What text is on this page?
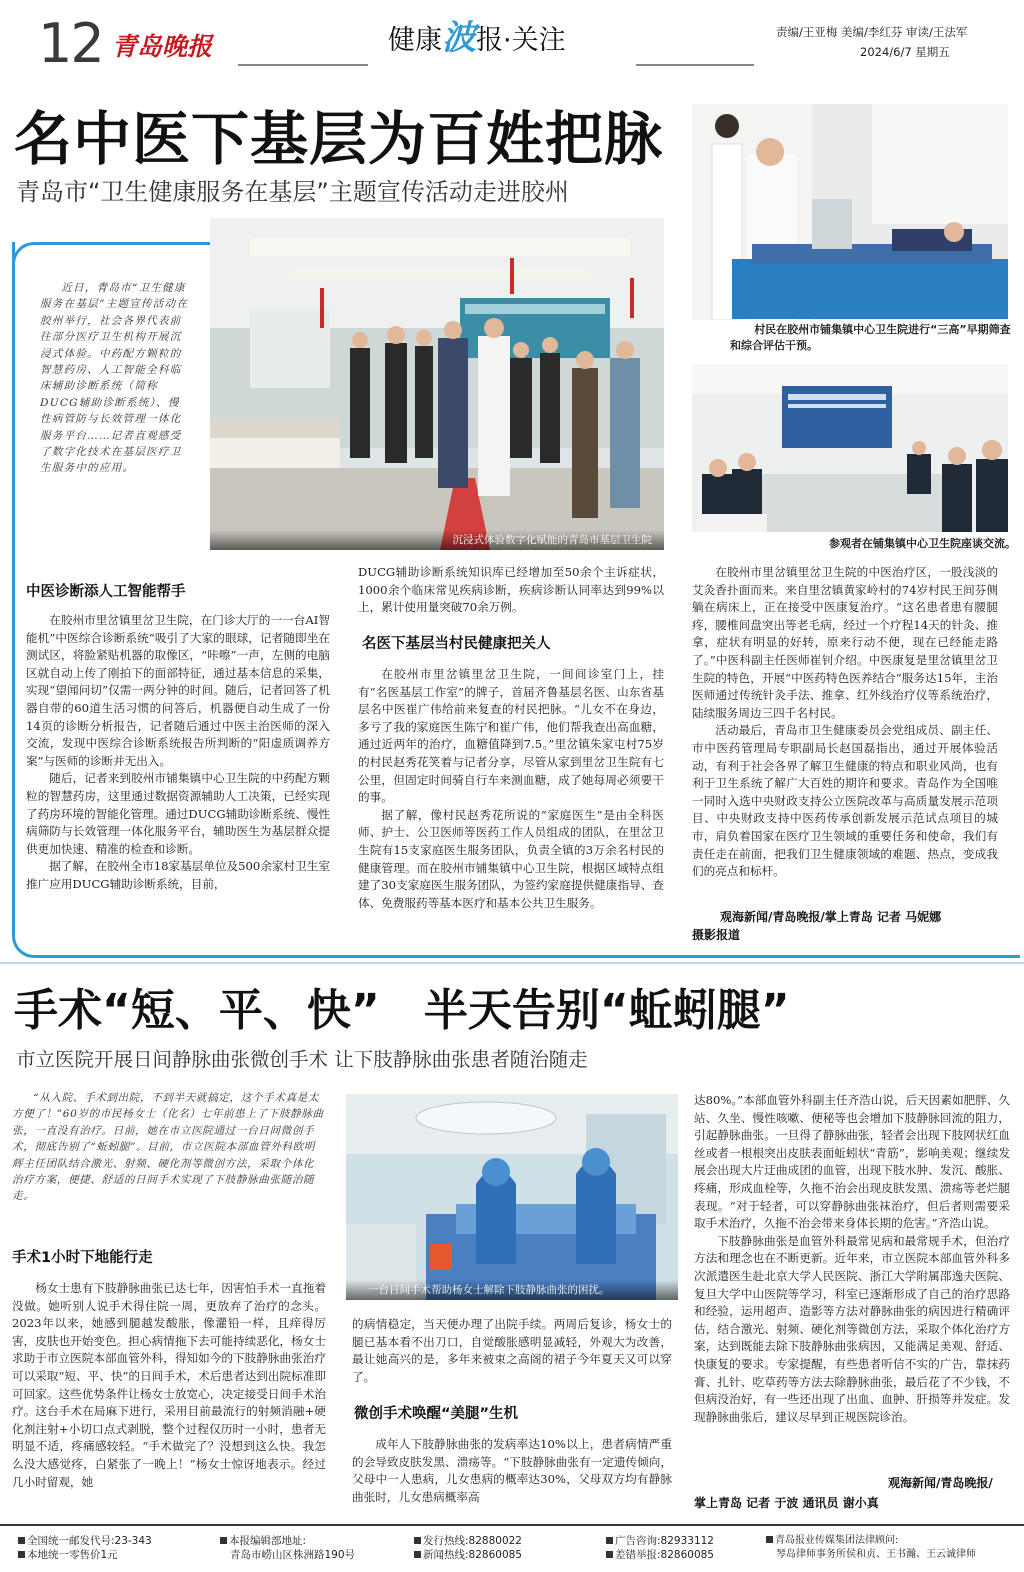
12 青岛晚报	健康波报·关注	责编/王亚梅 美编/李红芬 审读/王法军
2024/6/7 星期五
名中医下基层为百姓把脉
青岛市“卫生健康服务在基层”主题宣传活动走进胶州
近日，青岛市“卫生健康服务在基层”主题宣传活动在胶州举行，社会各界代表前往部分医疗卫生机构开展沉浸式体验。中药配方颗粒的智慧药房、人工智能全科临床辅助诊断系统（简称DUCG辅助诊断系统）、慢性病管防与长效管理一体化服务平台……记者直观感受了数字化技术在基层医疗卫生服务中的应用。
沉浸式体验数字化赋能的青岛市基层卫生院
村民在胶州市铺集镇中心卫生院进行“三高”早期筛查和综合评估干预。
参观者在铺集镇中心卫生院座谈交流。
中医诊断添人工智能帮手

在胶州市里岔镇里岔卫生院，在门诊大厅的一一台AI智能机”中医综合诊断系统“吸引了大家的眼球，记者随即坐在测试区，将脸紧贴机器的取像区，“咔嚓”一声，左侧的电脑区就自动上传了刚拍下的面部特征，通过基本信息的采集，实现“望闻问切”仅需一两分钟的时间。随后，记者回答了机器自带的60道生活习惯的问答后，机器便自动生成了一份14页的诊断分析报告，记者随后通过中医主治医师的深入交流，发现中医综合诊断系统报告所判断的“阳虚质调养方案”与医师的诊断并无出入。

随后，记者来到胶州市铺集镇中心卫生院的中药配方颗粒的智慧药房，这里通过数据资源辅助人工决策，已经实现了药房环境的智能化管理。通过DUCG辅助诊断系统、慢性病筛防与长效管理一体化服务平台，辅助医生为基层群众提供更加快速、精准的检查和诊断。

据了解，在胶州全市18家基层单位及500余家村卫生室推广应用DUCG辅助诊断系统，目前，

DUCG辅助诊断系统知识库已经增加至50余个主诉症状，1000余个临床常见疾病诊断，疾病诊断认同率达到99%以上，累计使用量突破70余万例。

名医下基层当村民健康把关人

在胶州市里岔镇里岔卫生院，一间间诊室门上，挂有“名医基层工作室”的牌子，首届齐鲁基层名医、山东省基层名中医崔广伟给前来复查的村民把脉。“儿女不在身边，多亏了我的家庭医生陈宁和崔广伟，他们帮我查出高血糖，通过近两年的治疗，血糖值降到7.5。”里岔镇朱家屯村75岁的村民赵秀花笑着与记者分享，尽管从家到里岔卫生院有七公里，但固定时间骑自行车来测血糖，成了她每周必须要干的事。

据了解，像村民赵秀花所说的“家庭医生”是由全科医师、护士、公卫医师等医药工作人员组成的团队，在里岔卫生院有15支家庭医生服务团队，负责全镇的3万余名村民的健康管理。而在胶州市铺集镇中心卫生院，根据区域特点组建了30支家庭医生服务团队，为签约家庭提供健康指导、查体、免费服药等基本医疗和基本公共卫生服务。

在胶州市里岔镇里岔卫生院的中医治疗区，一股浅淡的艾灸香扑面而来。来自里岔镇黄家岭村的74岁村民王间芬侧躺在病床上，正在接受中医康复治疗。“这名患者患有腰腿疼，腰椎间盘突出等老毛病，经过一个疗程14天的针灸、推拿，症状有明显的好转，原来行动不便，现在已经能走路了。”中医科副主任医师崔钊介绍。中医康复是里岔镇里岔卫生院的特色，开展“中医药特色医养结合”服务达15年，主治医师通过传统针灸手法、推拿、红外线治疗仪等系统治疗，陆续服务周边三四千名村民。

活动最后，青岛市卫生健康委员会党组成员、副主任、市中医药管理局专职副局长赵国磊指出，通过开展体验活动，有利于社会各界了解卫生健康的特点和职业风尚，也有利于卫生系统了解广大百姓的期许和要求。青岛作为全国唯一同时入选中央财政支持公立医院改革与高质量发展示范项目、中央财政支持中医药传承创新发展示范试点项目的城市，肩负着国家在医疗卫生领域的重要任务和使命，我们有责任走在前面，把我们卫生健康领域的难题、热点，变成我们的亮点和标杆。

观海新闻/青岛晚报/掌上青岛 记者 马妮娜
摄影报道
手术“短、平、快”　半天告别“蚯蚓腿”
市立医院开展日间静脉曲张微创手术 让下肢静脉曲张患者随治随走
“从入院、手术到出院，不到半天就搞定，这个手术真是太方便了！”60岁的市民杨女士（化名）七年前患上了下肢静脉曲张，一直没有治疗。日前，她在市立医院通过一台日间微创手术，彻底告别了“蚯蚓腿”。目前，市立医院本部血管外科欧明辉主任团队结合激光、射频、硬化剂等微创方法，采取个体化治疗方案，便捷、舒适的日间手术实现了下肢静脉曲张随治随走。
手术1小时下地能行走

杨女士患有下肢静脉曲张已达七年，因害怕手术一直拖着没做。她听别人说手术得住院一周，更放弃了治疗的念头。2023年以来，她感到腿越发酸胀，像灌铅一样，且痒得厉害，皮肤也开始变色。担心病情拖下去可能持续恶化，杨女士求助于市立医院本部血管外科，得知如今的下肢静脉曲张治疗可以采取“短、平、快”的日间手术，术后患者达到出院标准即可回家。这些优势条件让杨女士放宽心，决定接受日间手术治疗。这台手术在局麻下进行，采用目前最流行的射频消融+硬化剂注射+小切口点式剥脱，整个过程仅历时一小时，患者无明显不适，疼痛感较轻。“手术做完了？没想到这么快。我怎么没大感觉疼，白紧张了一晚上！”杨女士惊讶地表示。经过几小时留观，她

一台日间手术帮助杨女士解除下肢静脉曲张的困扰。

的病情稳定，当天便办理了出院手续。两周后复诊，杨女士的腿已基本看不出刀口，自觉酸胀感明显减轻，外观大为改善，最让她高兴的是，多年来被束之高阁的裙子今年夏天又可以穿了。

微创手术唤醒“美腿”生机

成年人下肢静脉曲张的发病率达10%以上，患者病情严重的会导致皮肤发黑、溃疡等。“下肢静脉曲张有一定遗传倾向，父母中一人患病，儿女患病的概率达30%，父母双方均有静脉曲张时，儿女患病概率高

达80%。”本部血管外科副主任齐浩山说，后天因素如肥胖、久站、久坐、慢性咳嗽、便秘等也会增加下肢静脉回流的阻力，引起静脉曲张。一旦得了静脉曲张，轻者会出现下肢网状红血丝或者一根根突出皮肤表面蚯蚓状“青筋”，影响美观；继续发展会出现大片迂曲成团的血管，出现下肢水肿、发沉、酸胀、疼痛，形成血栓等，久拖不治会出现皮肤发黑、溃疡等老烂腿表现。“对于轻者，可以穿静脉曲张袜治疗，但后者则需要采取手术治疗，久拖不治会带来身体长期的危害。”齐浩山说。

下肢静脉曲张是血管外科最常见病和最常规手术，但治疗方法和理念也在不断更新。近年来，市立医院本部血管外科多次派遣医生赴北京大学人民医院、浙江大学附属邵逸夫医院、复旦大学中山医院等学习，科室已逐渐形成了自己的治疗思路和经验，运用超声、造影等方法对静脉曲张的病因进行精确评估，结合激光、射频、硬化剂等微创方法，采取个体化治疗方案，达到既能去除下肢静脉曲张病因，又能满足美观、舒适、快康复的要求。专家提醒，有些患者听信不实的广告，靠抹药膏、扎针、吃草药等方法去除静脉曲张，最后花了不少钱，不但病没治好，有一些还出现了出血、血肿、肝损等并发症。发现静脉曲张后，建议尽早到正规医院诊治。

观海新闻/青岛晚报/
掌上青岛 记者 于波 通讯员 谢小真
全国统一邮发代号:23-343
本地统一零售价1元
本报编辑部地址:
青岛市崂山区株洲路190号
发行热线:82880022
新闻热线:82860085
广告咨询:82933112
差错举报:82860085
青岛报业传媒集团法律顾问:
琴岛律师事务所侯和贞、王书瀚、王云诚律师
